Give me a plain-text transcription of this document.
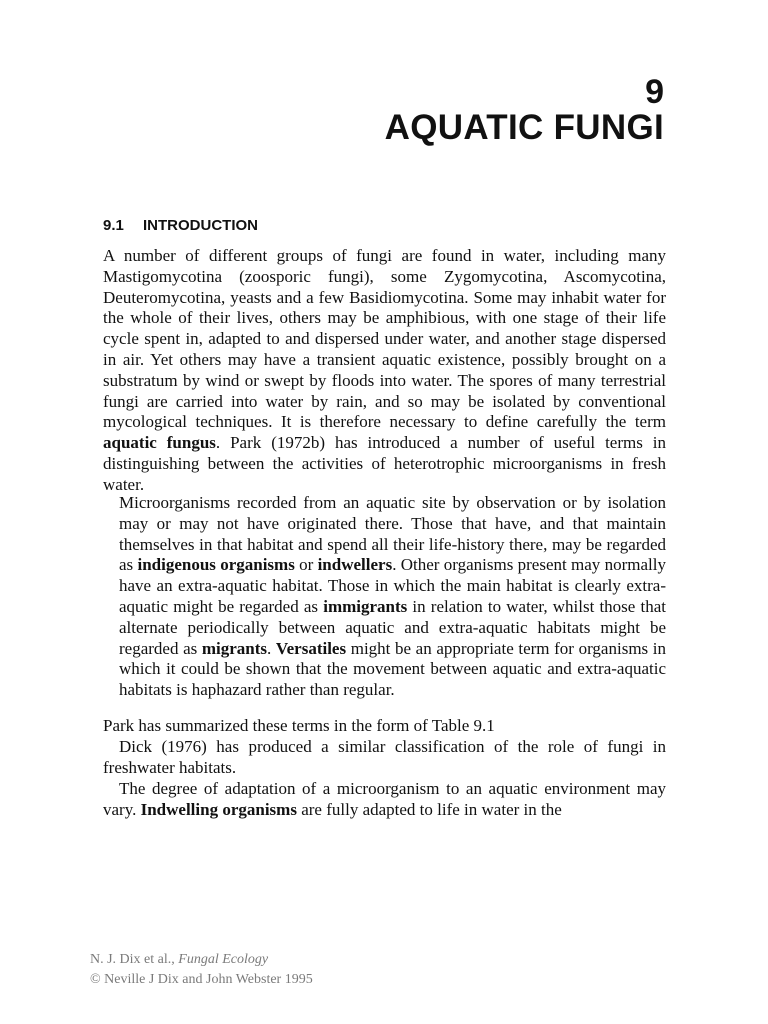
9
AQUATIC FUNGI
9.1 INTRODUCTION

A number of different groups of fungi are found in water, including many Mastigomycotina (zoosporic fungi), some Zygomycotina, Ascomycotina, Deuteromycotina, yeasts and a few Basidiomycotina. Some may inhabit water for the whole of their lives, others may be amphibious, with one stage of their life cycle spent in, adapted to and dispersed under water, and another stage dispersed in air. Yet others may have a transient aquatic existence, possibly brought on a substratum by wind or swept by floods into water. The spores of many terrestrial fungi are carried into water by rain, and so may be isolated by conventional mycological techniques. It is therefore necessary to define carefully the term aquatic fungus. Park (1972b) has introduced a number of useful terms in distinguishing between the activities of heterotrophic microorganisms in fresh water.

Microorganisms recorded from an aquatic site by observation or by isolation may or may not have originated there. Those that have, and that maintain themselves in that habitat and spend all their life-history there, may be regarded as indigenous organisms or indwellers. Other organisms present may normally have an extra-aquatic habitat. Those in which the main habitat is clearly extra-aquatic might be regarded as immigrants in relation to water, whilst those that alternate periodically between aquatic and extra-aquatic habitats might be regarded as migrants. Versatiles might be an appropriate term for organisms in which it could be shown that the movement between aquatic and extra-aquatic habitats is haphazard rather than regular.

Park has summarized these terms in the form of Table 9.1

Dick (1976) has produced a similar classification of the role of fungi in freshwater habitats.

The degree of adaptation of a microorganism to an aquatic environment may vary. Indwelling organisms are fully adapted to life in water in the

N. J. Dix et al., Fungal Ecology
© Neville J Dix and John Webster 1995
